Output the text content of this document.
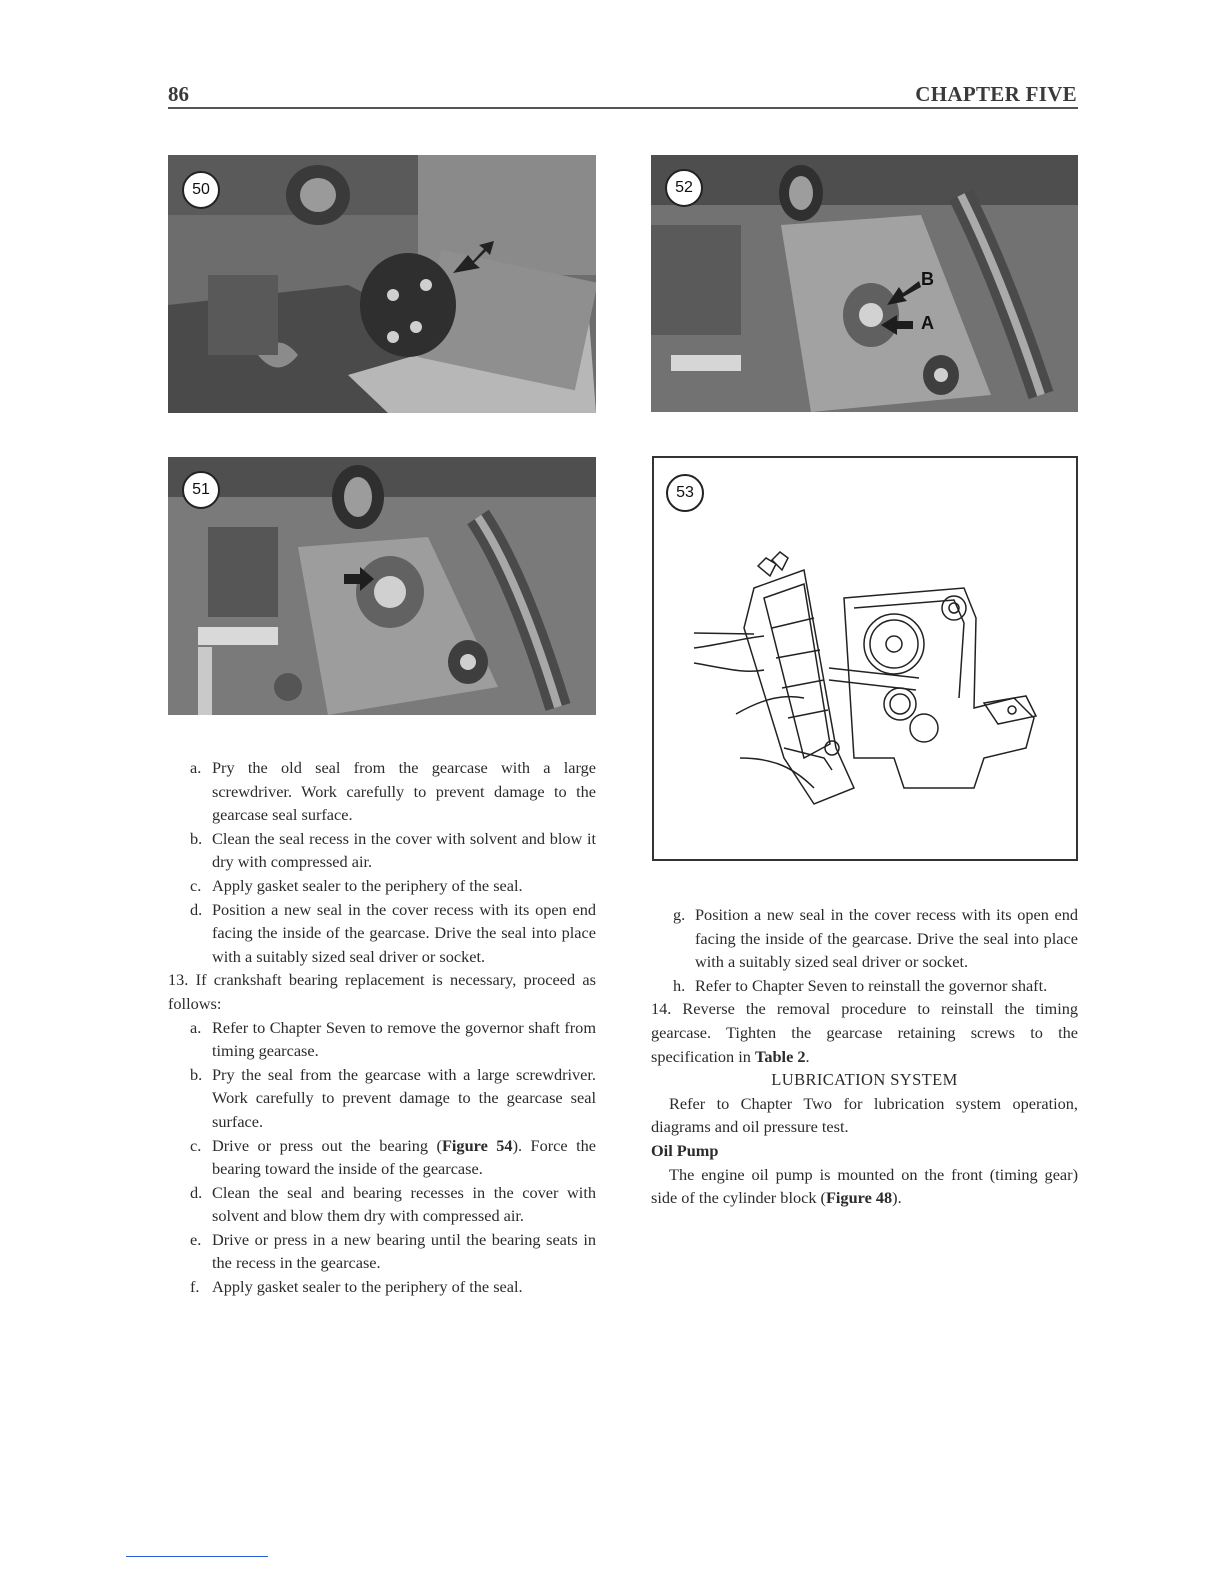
86	CHAPTER FIVE
50
51
52
B
A
53
a. Pry the old seal from the gearcase with a large screwdriver. Work carefully to prevent damage to the gearcase seal surface.
b. Clean the seal recess in the cover with solvent and blow it dry with compressed air.
c. Apply gasket sealer to the periphery of the seal.
d. Position a new seal in the cover recess with its open end facing the inside of the gearcase. Drive the seal into place with a suitably sized seal driver or socket.

13. If crankshaft bearing replacement is necessary, proceed as follows:

a. Refer to Chapter Seven to remove the governor shaft from timing gearcase.
b. Pry the seal from the gearcase with a large screwdriver. Work carefully to prevent damage to the gearcase seal surface.
c. Drive or press out the bearing (Figure 54). Force the bearing toward the inside of the gearcase.
d. Clean the seal and bearing recesses in the cover with solvent and blow them dry with compressed air.
e. Drive or press in a new bearing until the bearing seats in the recess in the gearcase.
f. Apply gasket sealer to the periphery of the seal.
g. Position a new seal in the cover recess with its open end facing the inside of the gearcase. Drive the seal into place with a suitably sized seal driver or socket.
h. Refer to Chapter Seven to reinstall the governor shaft.

14. Reverse the removal procedure to reinstall the timing gearcase. Tighten the gearcase retaining screws to the specification in Table 2.

LUBRICATION SYSTEM

Refer to Chapter Two for lubrication system operation, diagrams and oil pressure test.

Oil Pump

The engine oil pump is mounted on the front (timing gear) side of the cylinder block (Figure 48).
